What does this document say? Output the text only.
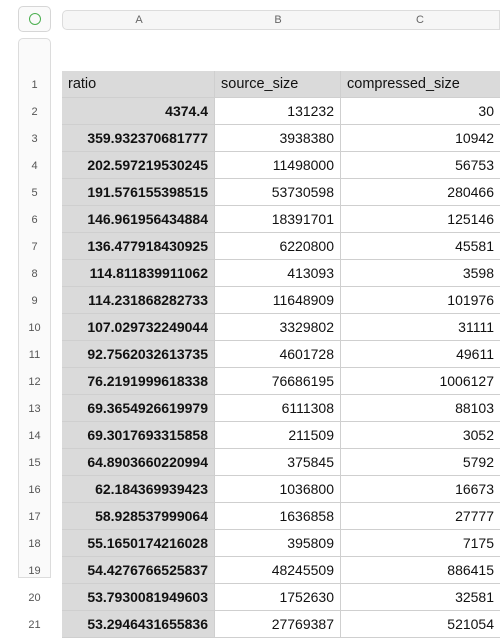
A	B	C
1
2
3
4
5
6
7
8
9
10
11
12
13
14
15
16
17
18
19
20
21
ratio	source_size	compressed_size
4374.4	131232	30
359.932370681777	3938380	10942
202.597219530245	11498000	56753
191.576155398515	53730598	280466
146.961956434884	18391701	125146
136.477918430925	6220800	45581
114.811839911062	413093	3598
114.231868282733	11648909	101976
107.029732249044	3329802	31111
92.7562032613735	4601728	49611
76.2191999618338	76686195	1006127
69.3654926619979	6111308	88103
69.3017693315858	211509	3052
64.8903660220994	375845	5792
62.184369939423	1036800	16673
58.928537999064	1636858	27777
55.1650174216028	395809	7175
54.4276766525837	48245509	886415
53.7930081949603	1752630	32581
53.2946431655836	27769387	521054
